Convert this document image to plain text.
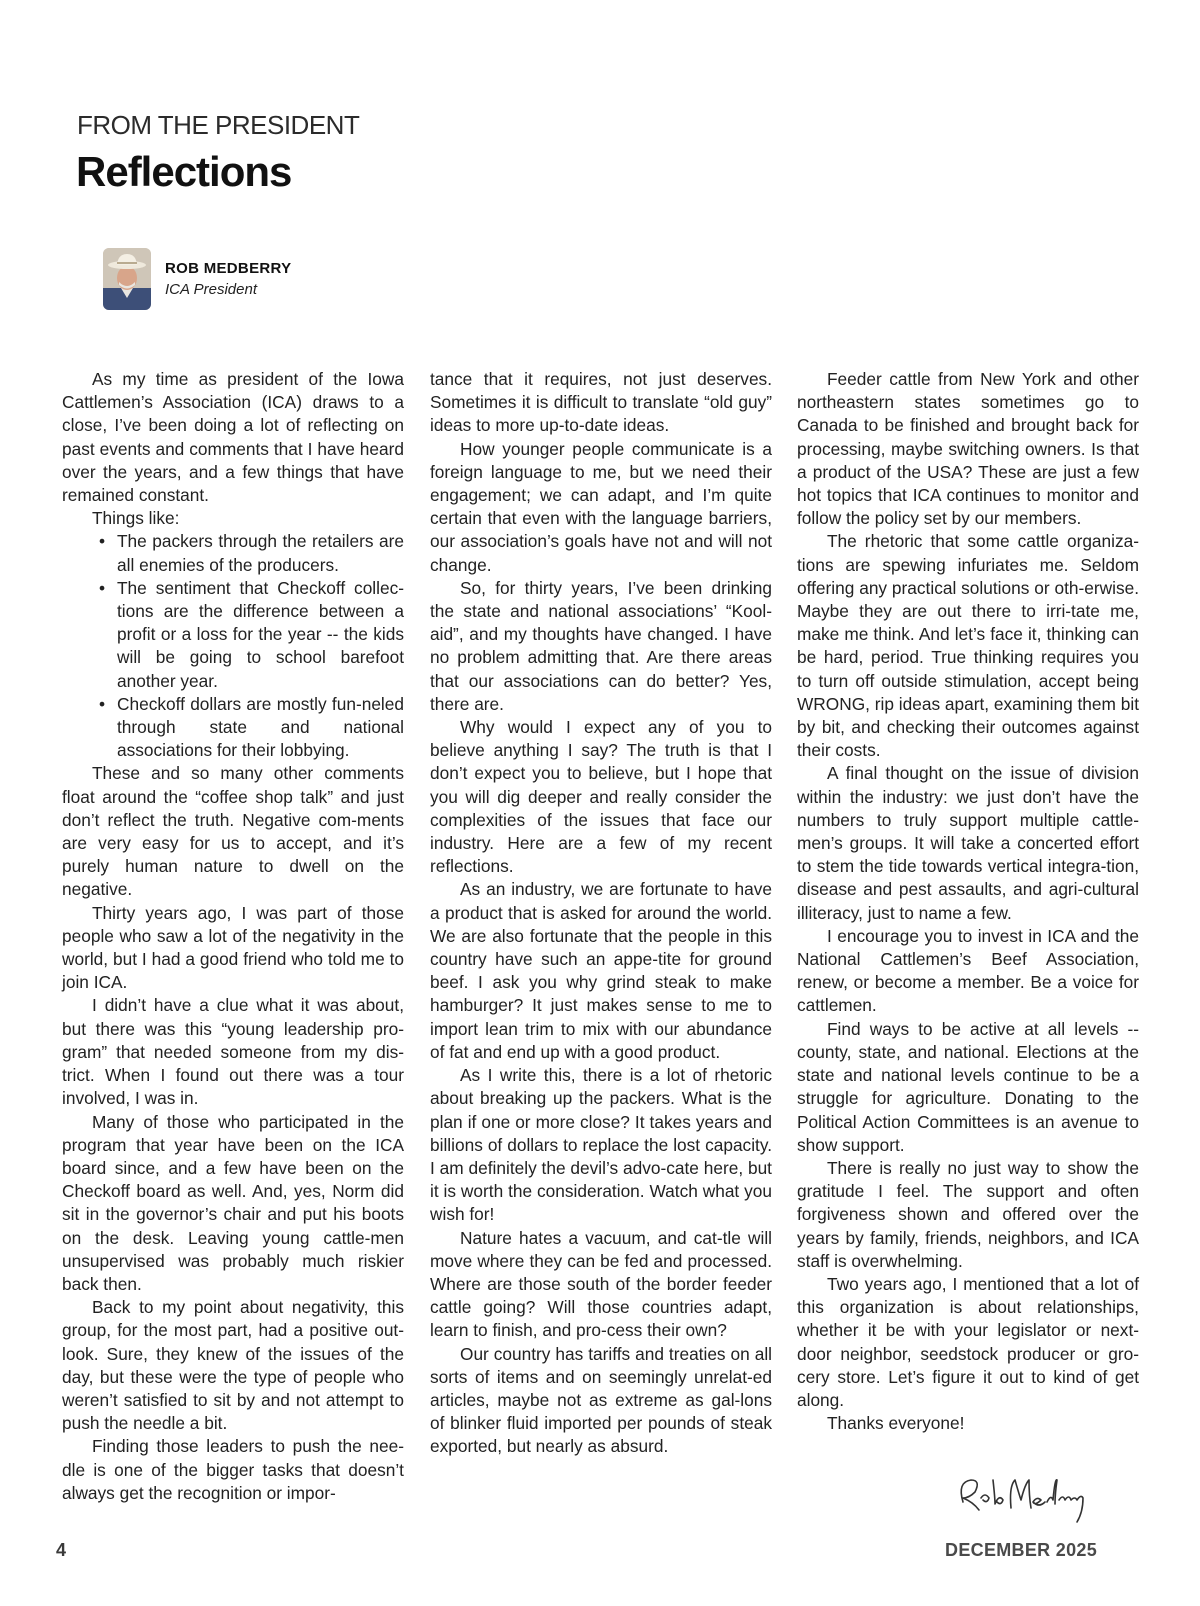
FROM THE PRESIDENT
Reflections
ROB MEDBERRY
ICA President

As my time as president of the Iowa Cattlemen’s Association (ICA) draws to a close, I’ve been doing a lot of reflecting on past events and comments that I have heard over the years, and a few things that have remained constant.

Things like:

• The packers through the retailers are all enemies of the producers.
• The sentiment that Checkoff collec-tions are the difference between a profit or a loss for the year -- the kids will be going to school barefoot another year.
• Checkoff dollars are mostly fun-neled through state and national associations for their lobbying.

These and so many other comments float around the “coffee shop talk” and just don’t reflect the truth. Negative com-ments are very easy for us to accept, and it’s purely human nature to dwell on the negative.

Thirty years ago, I was part of those people who saw a lot of the negativity in the world, but I had a good friend who told me to join ICA.

I didn’t have a clue what it was about, but there was this “young leadership pro-gram” that needed someone from my dis-trict. When I found out there was a tour involved, I was in.

Many of those who participated in the program that year have been on the ICA board since, and a few have been on the Checkoff board as well. And, yes, Norm did sit in the governor’s chair and put his boots on the desk. Leaving young cattle-men unsupervised was probably much riskier back then.

Back to my point about negativity, this group, for the most part, had a positive out-look. Sure, they knew of the issues of the day, but these were the type of people who weren’t satisfied to sit by and not attempt to push the needle a bit.

Finding those leaders to push the nee-dle is one of the bigger tasks that doesn’t always get the recognition or impor-

tance that it requires, not just deserves. Sometimes it is difficult to translate “old guy” ideas to more up-to-date ideas.

How younger people communicate is a foreign language to me, but we need their engagement; we can adapt, and I’m quite certain that even with the language barriers, our association’s goals have not and will not change.

So, for thirty years, I’ve been drinking the state and national associations’ “Kool-aid”, and my thoughts have changed. I have no problem admitting that. Are there areas that our associations can do better? Yes, there are.

Why would I expect any of you to believe anything I say? The truth is that I don’t expect you to believe, but I hope that you will dig deeper and really consider the complexities of the issues that face our industry. Here are a few of my recent reflections.

As an industry, we are fortunate to have a product that is asked for around the world. We are also fortunate that the people in this country have such an appe-tite for ground beef. I ask you why grind steak to make hamburger? It just makes sense to me to import lean trim to mix with our abundance of fat and end up with a good product.

As I write this, there is a lot of rhetoric about breaking up the packers. What is the plan if one or more close? It takes years and billions of dollars to replace the lost capacity. I am definitely the devil’s advo-cate here, but it is worth the consideration. Watch what you wish for!

Nature hates a vacuum, and cat-tle will move where they can be fed and processed. Where are those south of the border feeder cattle going? Will those countries adapt, learn to finish, and pro-cess their own?

Our country has tariffs and treaties on all sorts of items and on seemingly unrelat-ed articles, maybe not as extreme as gal-lons of blinker fluid imported per pounds of steak exported, but nearly as absurd.

Feeder cattle from New York and other northeastern states sometimes go to Canada to be finished and brought back for processing, maybe switching owners. Is that a product of the USA? These are just a few hot topics that ICA continues to monitor and follow the policy set by our members.

The rhetoric that some cattle organiza-tions are spewing infuriates me. Seldom offering any practical solutions or oth-erwise. Maybe they are out there to irri-tate me, make me think. And let’s face it, thinking can be hard, period. True thinking requires you to turn off outside stimulation, accept being WRONG, rip ideas apart, examining them bit by bit, and checking their outcomes against their costs.

A final thought on the issue of division within the industry: we just don’t have the numbers to truly support multiple cattle-men’s groups. It will take a concerted effort to stem the tide towards vertical integra-tion, disease and pest assaults, and agri-cultural illiteracy, just to name a few.

I encourage you to invest in ICA and the National Cattlemen’s Beef Association, renew, or become a member. Be a voice for cattlemen.

Find ways to be active at all levels -- county, state, and national. Elections at the state and national levels continue to be a struggle for agriculture. Donating to the Political Action Committees is an avenue to show support.

There is really no just way to show the gratitude I feel. The support and often forgiveness shown and offered over the years by family, friends, neighbors, and ICA staff is overwhelming.

Two years ago, I mentioned that a lot of this organization is about relationships, whether it be with your legislator or next-door neighbor, seedstock producer or gro-cery store. Let’s figure it out to kind of get along.

Thanks everyone!

4	DECEMBER 2025
